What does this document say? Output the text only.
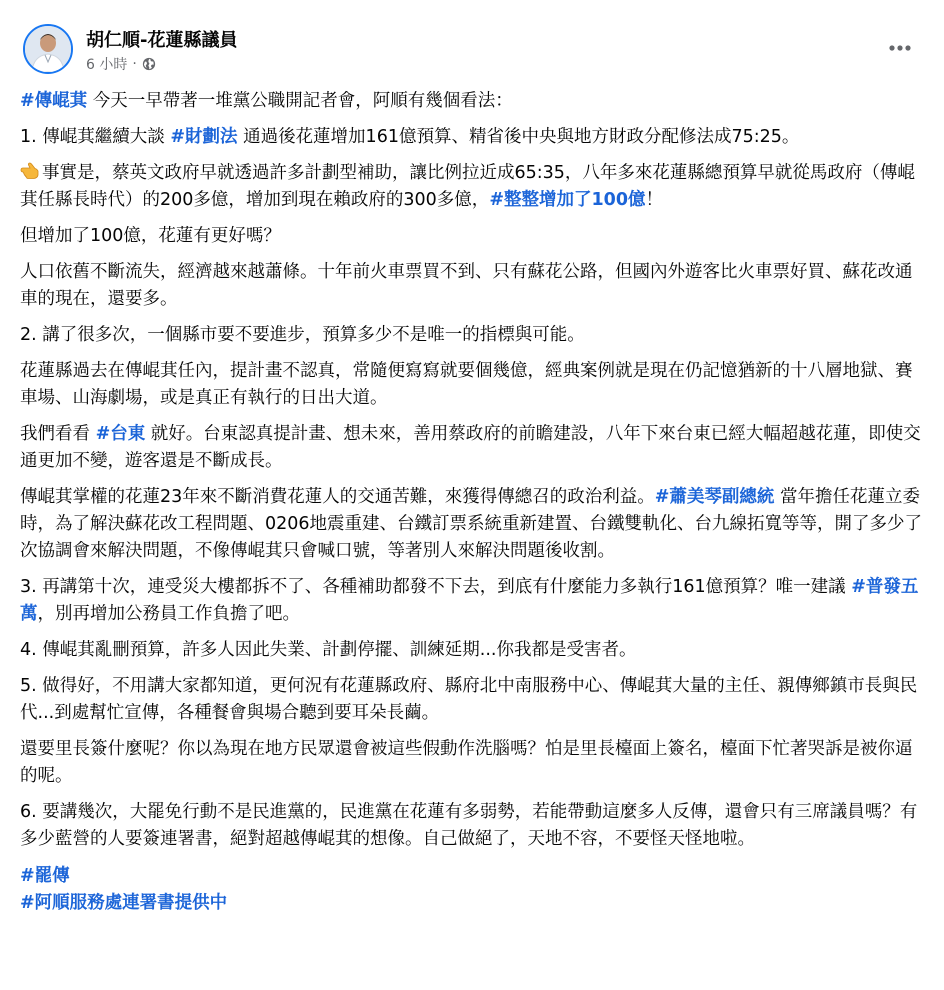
胡仁順-花蓮縣議員
6 小時 ·

#傳崐萁 今天一早帶著一堆黨公職開記者會，阿順有幾個看法：

1. 傳崐萁繼續大談 #財劃法 通過後花蓮增加161億預算、精省後中央與地方財政分配修法成75:25。

事實是，蔡英文政府早就透過許多計劃型補助，讓比例拉近成65:35，八年多來花蓮縣總預算早就從馬政府（傳崐萁任縣長時代）的200多億，增加到現在賴政府的300多億，#整整增加了100億！

但增加了100億，花蓮有更好嗎？

人口依舊不斷流失，經濟越來越蕭條。十年前火車票買不到、只有蘇花公路，但國內外遊客比火車票好買、蘇花改通車的現在，還要多。

2. 講了很多次，一個縣市要不要進步，預算多少不是唯一的指標與可能。

花蓮縣過去在傳崐萁任內，提計畫不認真，常隨便寫寫就要個幾億，經典案例就是現在仍記憶猶新的十八層地獄、賽車場、山海劇場，或是真正有執行的日出大道。

我們看看 #台東 就好。台東認真提計畫、想未來，善用蔡政府的前瞻建設，八年下來台東已經大幅超越花蓮，即使交通更加不變，遊客還是不斷成長。

傳崐萁掌權的花蓮23年來不斷消費花蓮人的交通苦難，來獲得傳總召的政治利益。#蕭美琴副總統 當年擔任花蓮立委時，為了解決蘇花改工程問題、0206地震重建、台鐵訂票系統重新建置、台鐵雙軌化、台九線拓寬等等，開了多少了次協調會來解決問題，不像傳崐萁只會喊口號，等著別人來解決問題後收割。

3. 再講第十次，連受災大樓都拆不了、各種補助都發不下去，到底有什麼能力多執行161億預算？唯一建議 #普發五萬，別再增加公務員工作負擔了吧。

4. 傳崐萁亂刪預算，許多人因此失業、計劃停擺、訓練延期...你我都是受害者。

5. 做得好，不用講大家都知道，更何況有花蓮縣政府、縣府北中南服務中心、傳崐萁大量的主任、親傳鄉鎮市長與民代...到處幫忙宣傳，各種餐會與場合聽到要耳朵長繭。

還要里長簽什麼呢？你以為現在地方民眾還會被這些假動作洗腦嗎？怕是里長檯面上簽名，檯面下忙著哭訴是被你逼的呢。

6. 要講幾次，大罷免行動不是民進黨的，民進黨在花蓮有多弱勢，若能帶動這麼多人反傳，還會只有三席議員嗎？有多少藍營的人要簽連署書，絕對超越傳崐萁的想像。自己做絕了，天地不容，不要怪天怪地啦。

#罷傳
#阿順服務處連署書提供中
